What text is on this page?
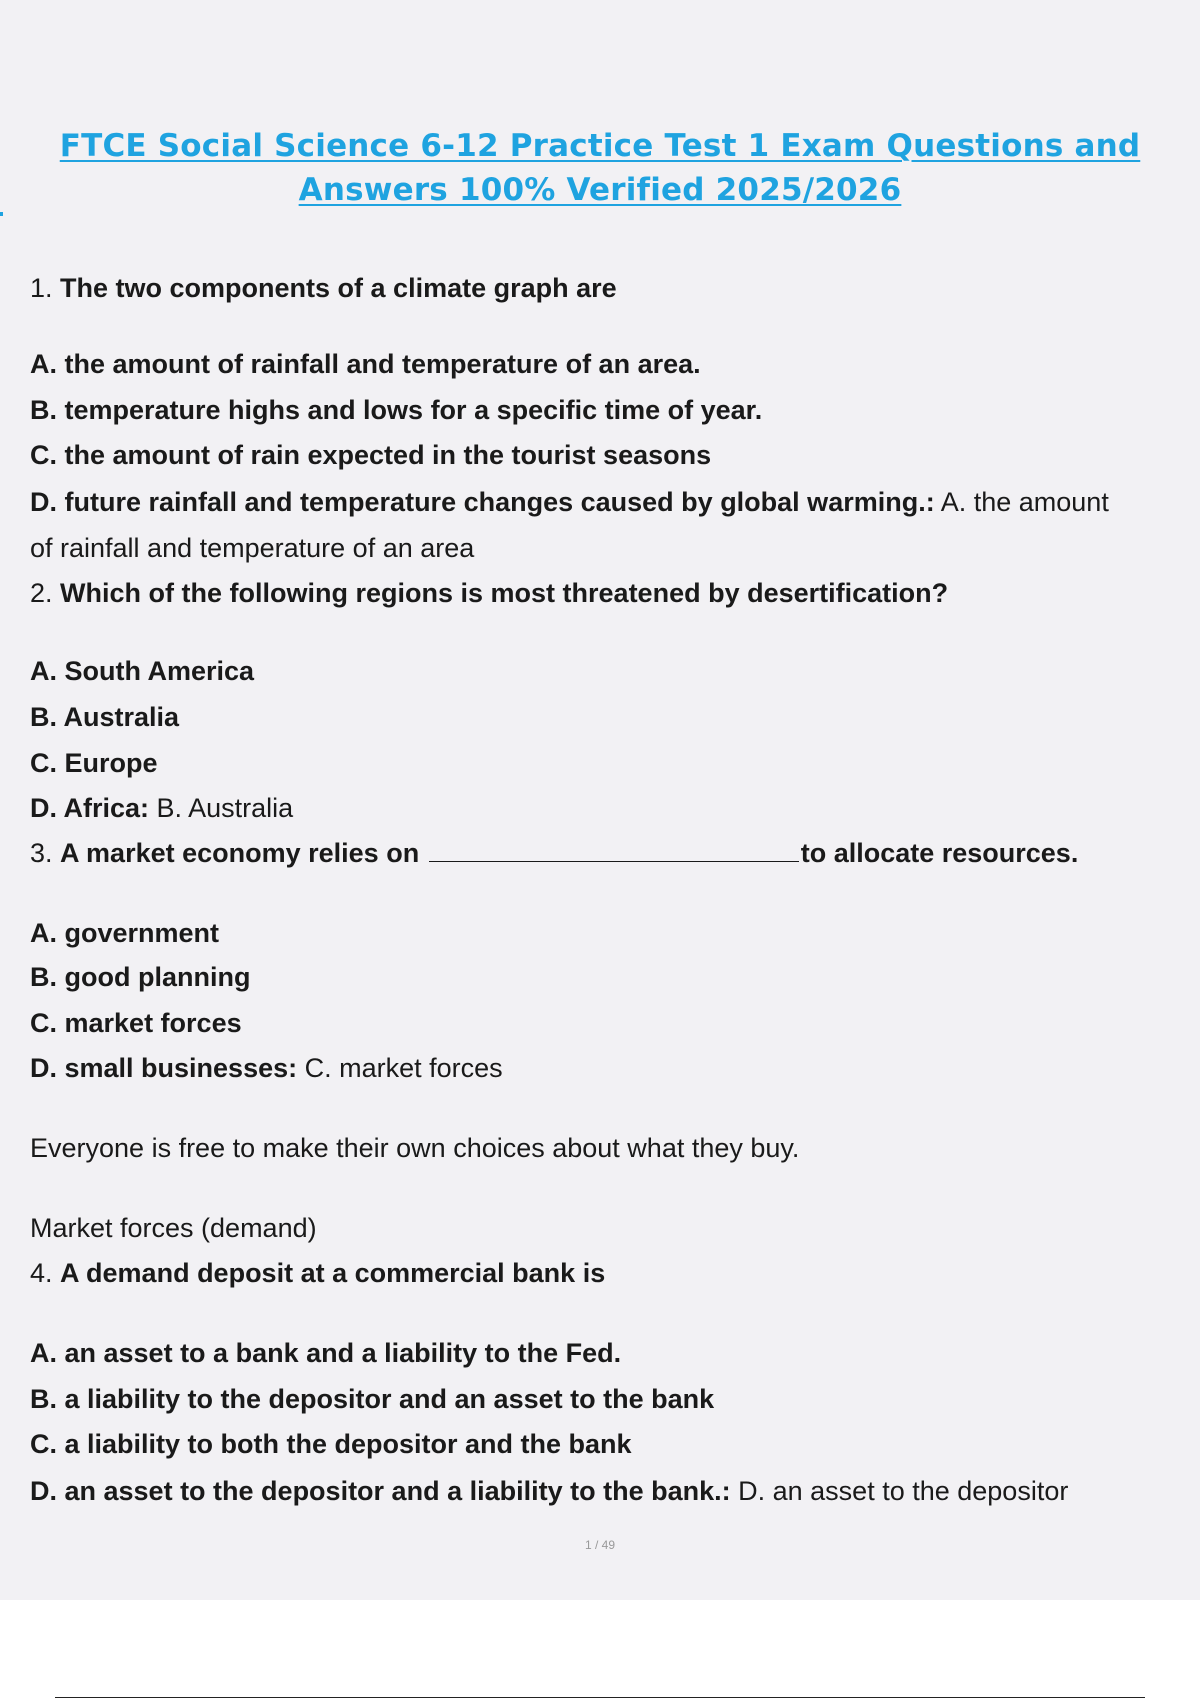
FTCE Social Science 6-12 Practice Test 1 Exam Questions and
Answers 100% Verified 2025/2026
1. The two components of a climate graph are
A. the amount of rainfall and temperature of an area.
B. temperature highs and lows for a specific time of year.
C. the amount of rain expected in the tourist seasons
D. future rainfall and temperature changes caused by global warming.: A. the amount
of rainfall and temperature of an area
2. Which of the following regions is most threatened by desertification?
A. South America
B. Australia
C. Europe
D. Africa: B. Australia
3. A market economy relies on	to allocate resources.
A. government
B. good planning
C. market forces
D. small businesses: C. market forces
Everyone is free to make their own choices about what they buy.
Market forces (demand)
4. A demand deposit at a commercial bank is
A. an asset to a bank and a liability to the Fed.
B. a liability to the depositor and an asset to the bank
C. a liability to both the depositor and the bank
D. an asset to the depositor and a liability to the bank.: D. an asset to the depositor
1 / 49
